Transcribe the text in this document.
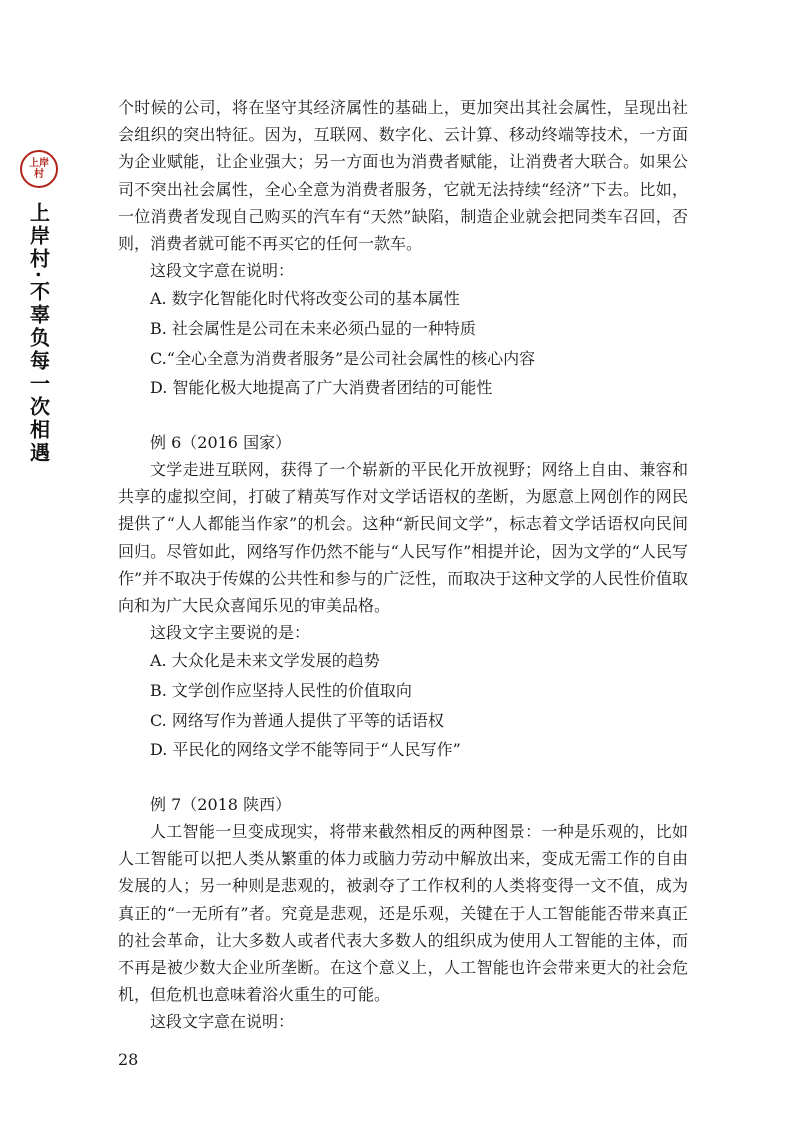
上岸
村
上岸村·不辜负每一次相遇

个时候的公司，将在坚守其经济属性的基础上，更加突出其社会属性，呈现出社会组织的突出特征。因为，互联网、数字化、云计算、移动终端等技术，一方面为企业赋能，让企业强大；另一方面也为消费者赋能，让消费者大联合。如果公司不突出社会属性，全心全意为消费者服务，它就无法持续“经济”下去。比如，一位消费者发现自己购买的汽车有“天然”缺陷，制造企业就会把同类车召回，否则，消费者就可能不再买它的任何一款车。

这段文字意在说明：

A. 数字化智能化时代将改变公司的基本属性

B. 社会属性是公司在未来必须凸显的一种特质

C.“全心全意为消费者服务”是公司社会属性的核心内容

D. 智能化极大地提高了广大消费者团结的可能性

例 6（2016 国家）

文学走进互联网，获得了一个崭新的平民化开放视野；网络上自由、兼容和共享的虚拟空间，打破了精英写作对文学话语权的垄断，为愿意上网创作的网民提供了“人人都能当作家”的机会。这种“新民间文学”，标志着文学话语权向民间回归。尽管如此，网络写作仍然不能与“人民写作”相提并论，因为文学的“人民写作”并不取决于传媒的公共性和参与的广泛性，而取决于这种文学的人民性价值取向和为广大民众喜闻乐见的审美品格。

这段文字主要说的是：

A. 大众化是未来文学发展的趋势

B. 文学创作应坚持人民性的价值取向

C. 网络写作为普通人提供了平等的话语权

D. 平民化的网络文学不能等同于“人民写作”

例 7（2018 陕西）

人工智能一旦变成现实，将带来截然相反的两种图景：一种是乐观的，比如人工智能可以把人类从繁重的体力或脑力劳动中解放出来，变成无需工作的自由发展的人；另一种则是悲观的，被剥夺了工作权利的人类将变得一文不值，成为真正的“一无所有”者。究竟是悲观，还是乐观，关键在于人工智能能否带来真正的社会革命，让大多数人或者代表大多数人的组织成为使用人工智能的主体，而不再是被少数大企业所垄断。在这个意义上，人工智能也许会带来更大的社会危机，但危机也意味着浴火重生的可能。

这段文字意在说明：

28
